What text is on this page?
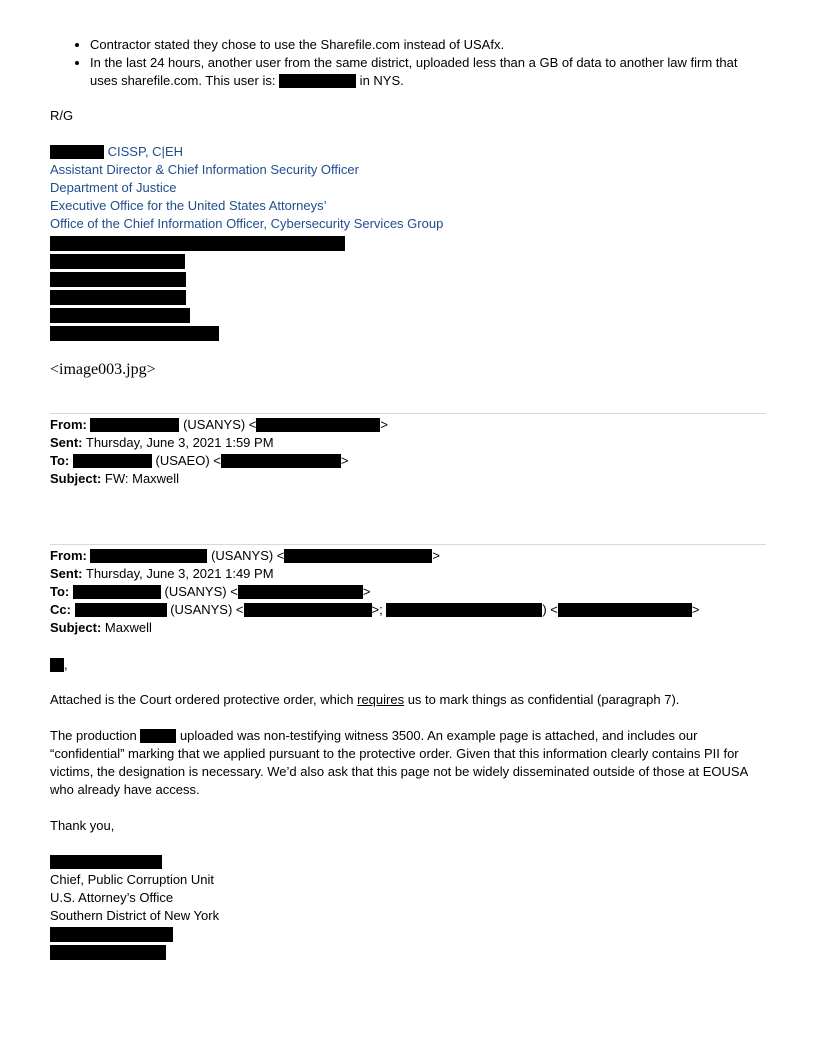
• Contractor stated they chose to use the Sharefile.com instead of USAfx.
• In the last 24 hours, another user from the same district, uploaded less than a GB of data to another law firm that uses sharefile.com. This user is:	in NYS.
R/G
CISSP, C|EH
Assistant Director & Chief Information Security Officer
Department of Justice
Executive Office for the United States Attorneys’
Office of the Chief Information Officer, Cybersecurity Services Group
<image003.jpg>
From:	(USANYS) <	>
Sent: Thursday, June 3, 2021 1:59 PM
To:	(USAEO) <	>
Subject: FW: Maxwell
From:	(USANYS) <	>
Sent: Thursday, June 3, 2021 1:49 PM
To:	(USANYS) <	>
Cc:	(USANYS) <	>;	) <	>
Subject: Maxwell
,
Attached is the Court ordered protective order, which requires us to mark things as confidential (paragraph 7).
The production	uploaded was non-testifying witness 3500. An example page is attached, and includes our “confidential” marking that we applied pursuant to the protective order. Given that this information clearly contains PII for victims, the designation is necessary. We’d also ask that this page not be widely disseminated outside of those at EOUSA who already have access.
Thank you,
Chief, Public Corruption Unit
U.S. Attorney’s Office
Southern District of New York
